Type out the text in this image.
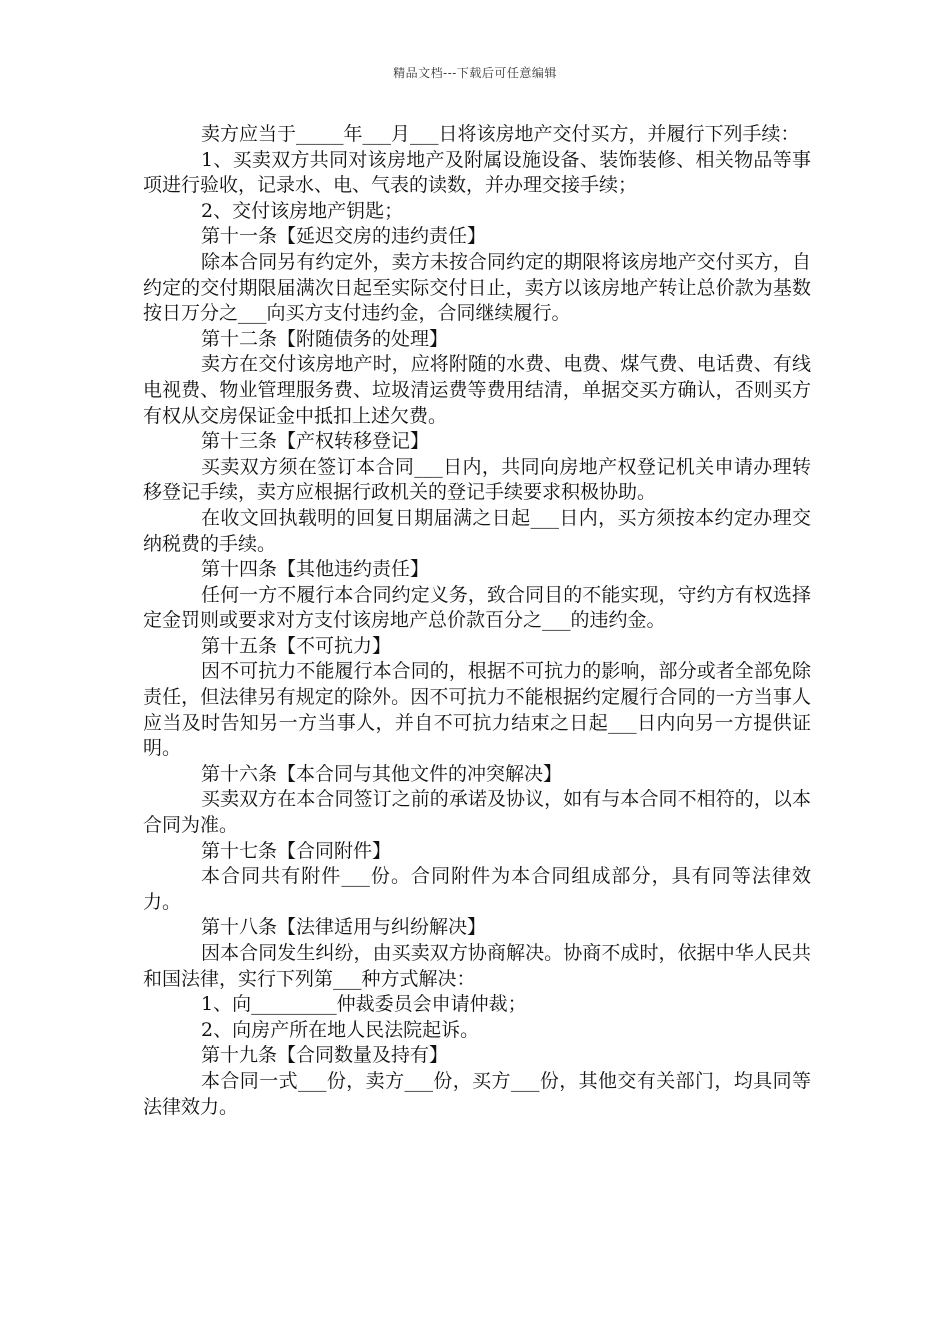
精品文档---下载后可任意编辑

卖方应当于_____年___月___日将该房地产交付买方，并履行下列手续：

1、买卖双方共同对该房地产及附属设施设备、装饰装修、相关物品等事项进行验收，记录水、电、气表的读数，并办理交接手续；

2、交付该房地产钥匙；

第十一条【延迟交房的违约责任】

除本合同另有约定外，卖方未按合同约定的期限将该房地产交付买方，自约定的交付期限届满次日起至实际交付日止，卖方以该房地产转让总价款为基数按日万分之___向买方支付违约金，合同继续履行。

第十二条【附随债务的处理】

卖方在交付该房地产时，应将附随的水费、电费、煤气费、电话费、有线电视费、物业管理服务费、垃圾清运费等费用结清，单据交买方确认，否则买方有权从交房保证金中抵扣上述欠费。

第十三条【产权转移登记】

买卖双方须在签订本合同___日内，共同向房地产权登记机关申请办理转移登记手续，卖方应根据行政机关的登记手续要求积极协助。

在收文回执载明的回复日期届满之日起___日内，买方须按本约定办理交纳税费的手续。

第十四条【其他违约责任】

任何一方不履行本合同约定义务，致合同目的不能实现，守约方有权选择定金罚则或要求对方支付该房地产总价款百分之___的违约金。

第十五条【不可抗力】

因不可抗力不能履行本合同的，根据不可抗力的影响，部分或者全部免除责任，但法律另有规定的除外。因不可抗力不能根据约定履行合同的一方当事人应当及时告知另一方当事人，并自不可抗力结束之日起___日内向另一方提供证明。

第十六条【本合同与其他文件的冲突解决】

买卖双方在本合同签订之前的承诺及协议，如有与本合同不相符的，以本合同为准。

第十七条【合同附件】

本合同共有附件___份。合同附件为本合同组成部分，具有同等法律效力。

第十八条【法律适用与纠纷解决】

因本合同发生纠纷，由买卖双方协商解决。协商不成时，依据中华人民共和国法律，实行下列第___种方式解决：

1、向_________仲裁委员会申请仲裁；

2、向房产所在地人民法院起诉。

第十九条【合同数量及持有】

本合同一式___份，卖方___份，买方___份，其他交有关部门，均具同等法律效力。
